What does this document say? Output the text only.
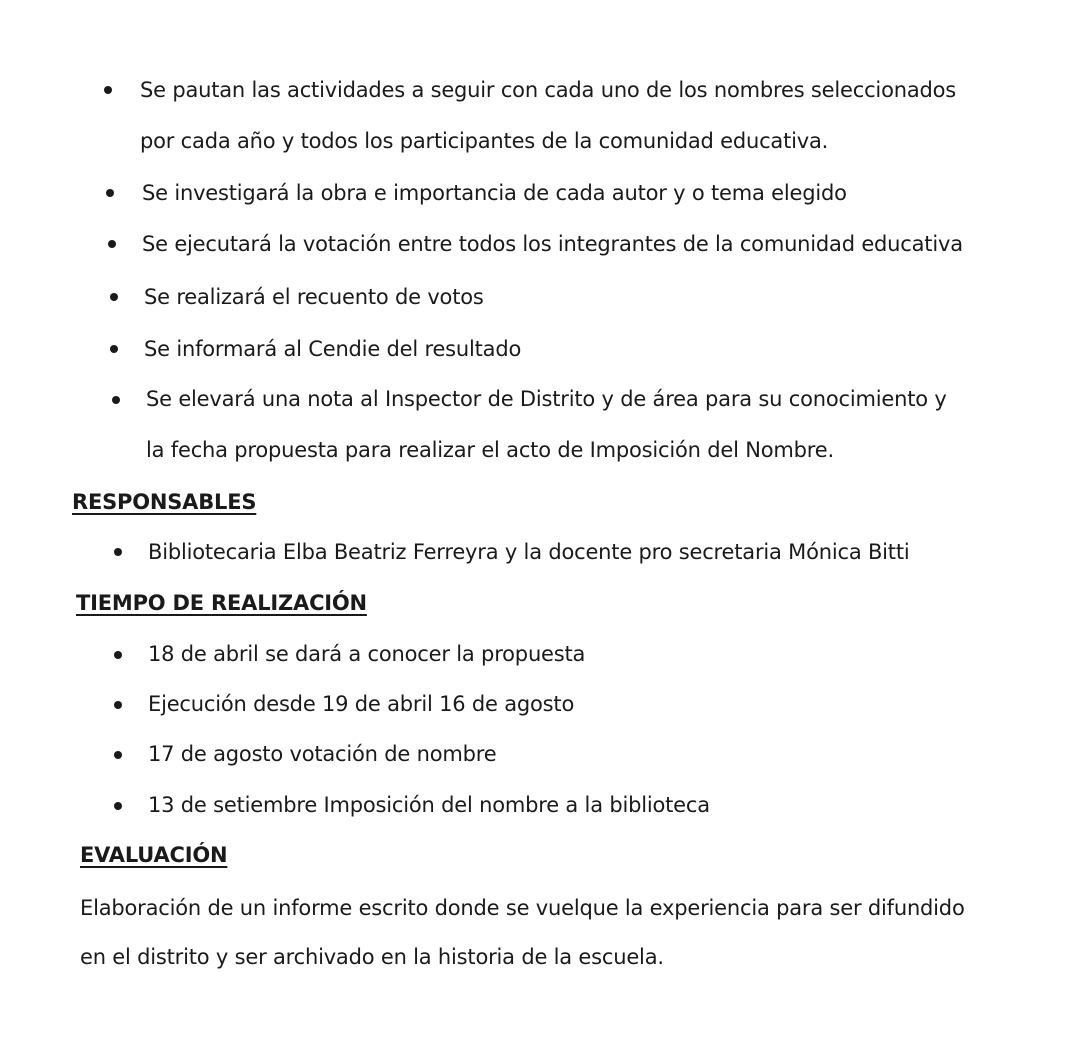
Se pautan las actividades a seguir con cada uno de los nombres seleccionados
por cada año y todos los participantes de la comunidad educativa.
Se investigará la obra e importancia de cada autor y o tema elegido
Se ejecutará la votación entre todos los integrantes de la comunidad educativa
Se realizará el recuento de votos
Se informará al Cendie del resultado
Se elevará una nota al Inspector de Distrito y de área para su conocimiento y
la fecha propuesta para realizar el acto de Imposición del Nombre.
RESPONSABLES
Bibliotecaria Elba Beatriz Ferreyra y la docente pro secretaria Mónica Bitti
TIEMPO DE REALIZACIÓN
18 de abril se dará a conocer la propuesta
Ejecución desde 19 de abril 16 de agosto
17 de agosto votación de nombre
13 de setiembre Imposición del nombre a la biblioteca
EVALUACIÓN
Elaboración de un informe escrito donde se vuelque la experiencia para ser difundido
en el distrito y ser archivado en la historia de la escuela.
